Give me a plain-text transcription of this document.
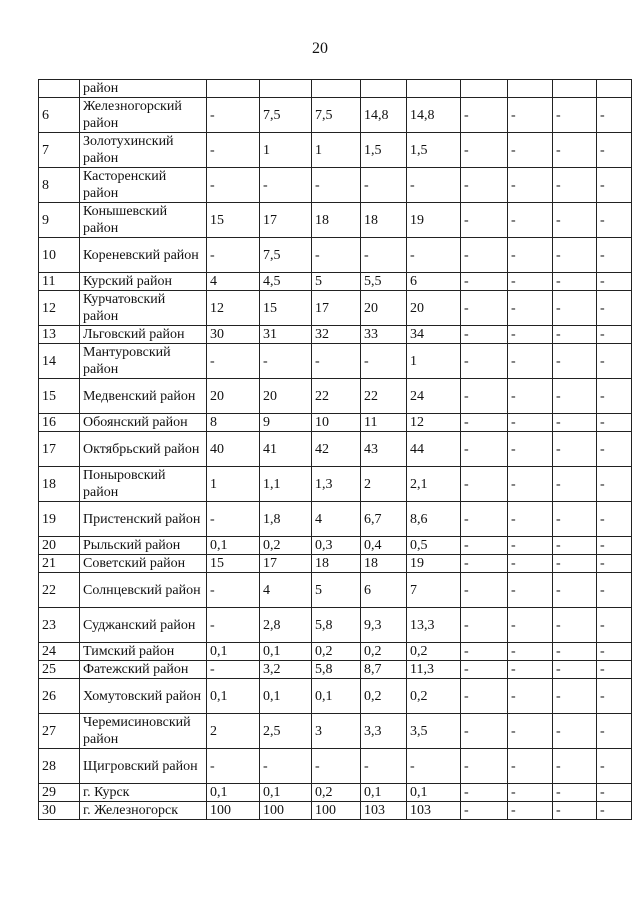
20
	район									
6	Железногорский район	-	7,5	7,5	14,8	14,8	-	-	-	-
7	Золотухинский район	-	1	1	1,5	1,5	-	-	-	-
8	Касторенский район	-	-	-	-	-	-	-	-	-
9	Конышевский район	15	17	18	18	19	-	-	-	-
10	Кореневский район	-	7,5	-	-	-	-	-	-	-
11	Курский район	4	4,5	5	5,5	6	-	-	-	-
12	Курчатовский район	12	15	17	20	20	-	-	-	-
13	Льговский район	30	31	32	33	34	-	-	-	-
14	Мантуровский район	-	-	-	-	1	-	-	-	-
15	Медвенский район	20	20	22	22	24	-	-	-	-
16	Обоянский район	8	9	10	11	12	-	-	-	-
17	Октябрьский район	40	41	42	43	44	-	-	-	-
18	Поныровский район	1	1,1	1,3	2	2,1	-	-	-	-
19	Пристенский район	-	1,8	4	6,7	8,6	-	-	-	-
20	Рыльский район	0,1	0,2	0,3	0,4	0,5	-	-	-	-
21	Советский район	15	17	18	18	19	-	-	-	-
22	Солнцевский район	-	4	5	6	7	-	-	-	-
23	Суджанский район	-	2,8	5,8	9,3	13,3	-	-	-	-
24	Тимский район	0,1	0,1	0,2	0,2	0,2	-	-	-	-
25	Фатежский район	-	3,2	5,8	8,7	11,3	-	-	-	-
26	Хомутовский район	0,1	0,1	0,1	0,2	0,2	-	-	-	-
27	Черемисиновский район	2	2,5	3	3,3	3,5	-	-	-	-
28	Щигровский район	-	-	-	-	-	-	-	-	-
29	г. Курск	0,1	0,1	0,2	0,1	0,1	-	-	-	-
30	г. Железногорск	100	100	100	103	103	-	-	-	-
